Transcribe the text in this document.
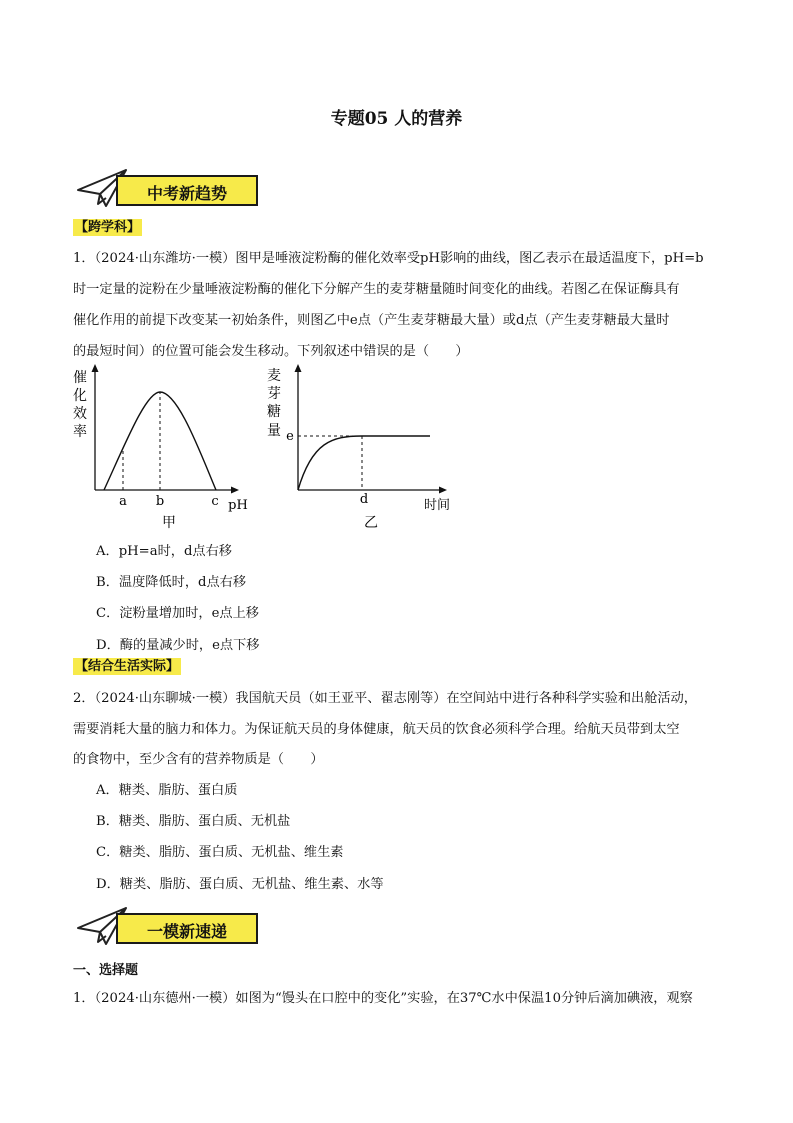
专题05 人的营养
中考新趋势
【跨学科】
1．（2024·山东潍坊·一模）图甲是唾液淀粉酶的催化效率受pH影响的曲线，图乙表示在最适温度下，pH=b
时一定量的淀粉在少量唾液淀粉酶的催化下分解产生的麦芽糖量随时间变化的曲线。若图乙在保证酶具有
催化作用的前提下改变某一初始条件，则图乙中e点（产生麦芽糖最大量）或d点（产生麦芽糖最大量时
的最短时间）的位置可能会发生移动。下列叙述中错误的是（　　）
催
化
效
率
a b	c pH
甲
麦
芽
糖
量 e
d	时间
乙
A．pH=a时，d点右移
B．温度降低时，d点右移
C．淀粉量增加时，e点上移
D．酶的量减少时，e点下移
【结合生活实际】
2．（2024·山东聊城·一模）我国航天员（如王亚平、翟志刚等）在空间站中进行各种科学实验和出舱活动，
需要消耗大量的脑力和体力。为保证航天员的身体健康，航天员的饮食必须科学合理。给航天员带到太空
的食物中，至少含有的营养物质是（　　）
A．糖类、脂肪、蛋白质
B．糖类、脂肪、蛋白质、无机盐
C．糖类、脂肪、蛋白质、无机盐、维生素
D．糖类、脂肪、蛋白质、无机盐、维生素、水等
一模新速递
一、选择题
1．（2024·山东德州·一模）如图为“馒头在口腔中的变化”实验，在37℃水中保温10分钟后滴加碘液，观察
